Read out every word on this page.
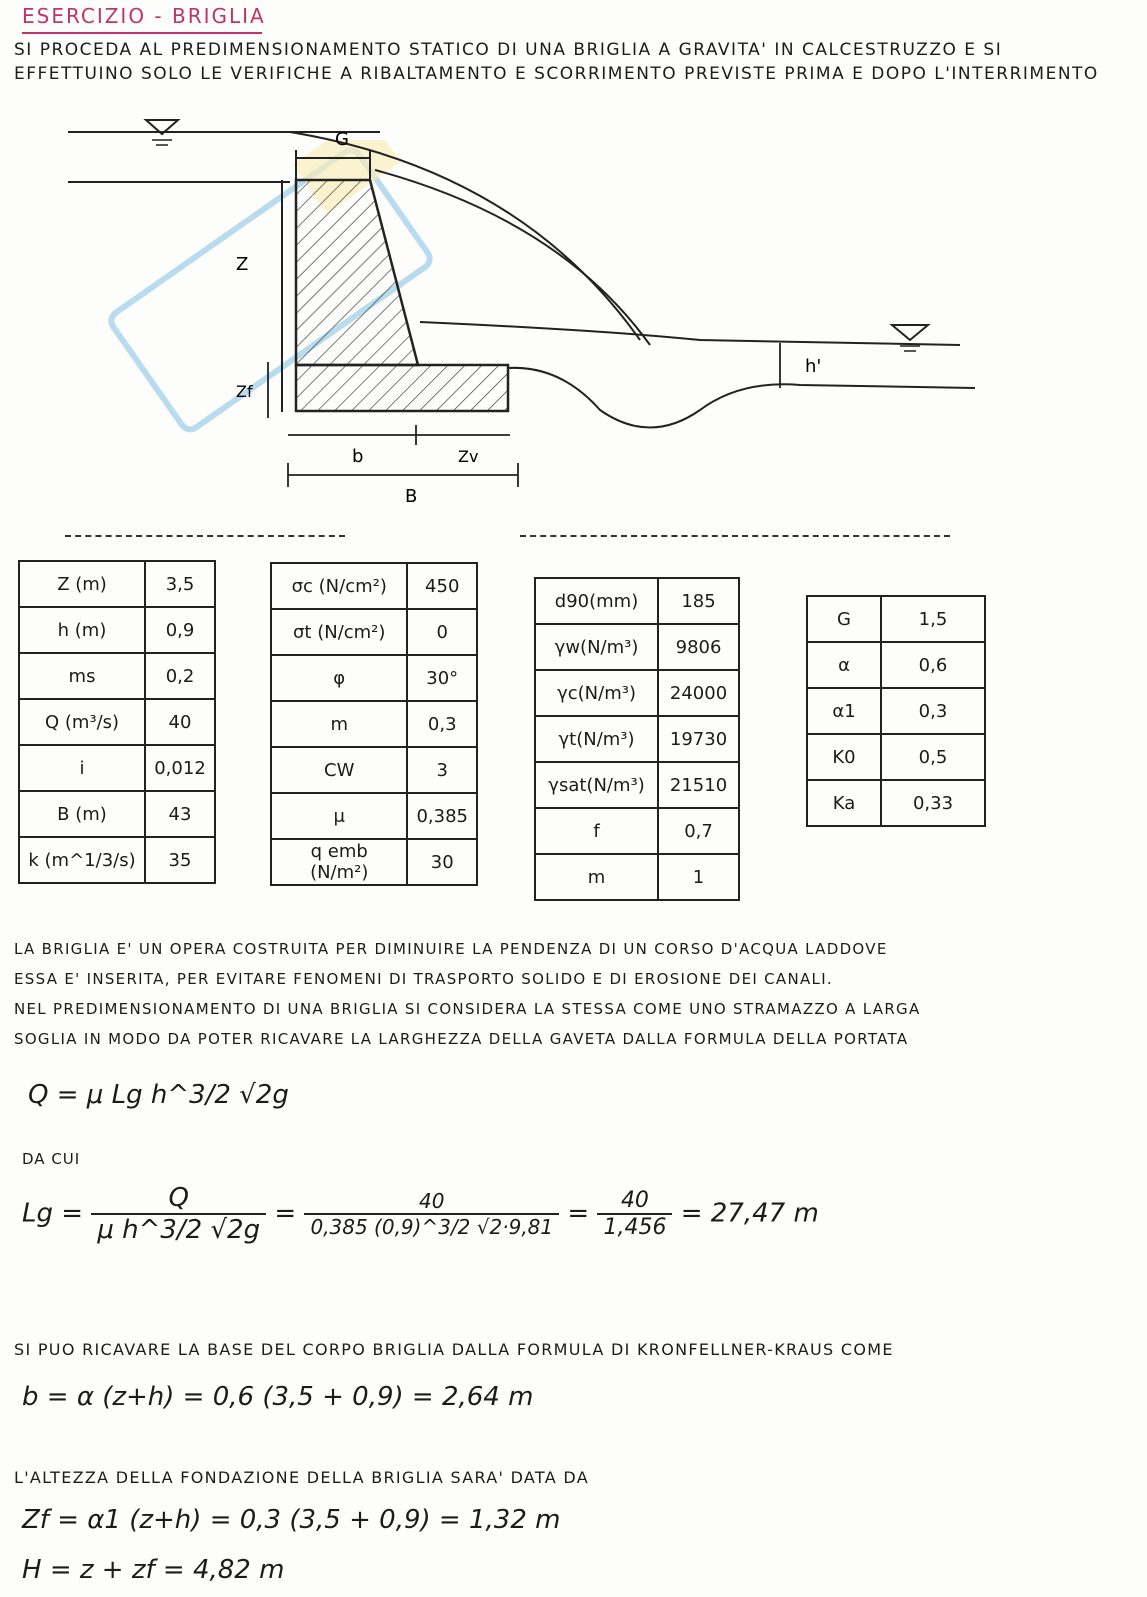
ESERCIZIO - BRIGLIA
SI PROCEDA AL PREDIMENSIONAMENTO STATICO DI UNA BRIGLIA A GRAVITA' IN CALCESTRUZZO E SI
EFFETTUINO SOLO LE VERIFICHE A RIBALTAMENTO E SCORRIMENTO PREVISTE PRIMA E DOPO L'INTERRIMENTO
G
Z
Zf
b	Zv
B
h'
Z (m)	3,5
h (m)	0,9
ms	0,2
Q (m³/s)	40
i	0,012
B (m)	43
k (m^1/3/s)	35
σc (N/cm²)	450
σt (N/cm²)	0
φ	30°
m	0,3
CW	3
μ	0,385
q emb (N/m²)	30
d90(mm)	185
γw(N/m³)	9806
γc(N/m³)	24000
γt(N/m³)	19730
γsat(N/m³)	21510
f	0,7
m	1
G	1,5
α	0,6
α1	0,3
K0	0,5
Ka	0,33
LA BRIGLIA E' UN OPERA COSTRUITA PER DIMINUIRE LA PENDENZA DI UN CORSO D'ACQUA LADDOVE
ESSA E' INSERITA, PER EVITARE FENOMENI DI TRASPORTO SOLIDO E DI EROSIONE DEI CANALI.
NEL PREDIMENSIONAMENTO DI UNA BRIGLIA SI CONSIDERA LA STESSA COME UNO STRAMAZZO A LARGA
SOGLIA IN MODO DA POTER RICAVARE LA LARGHEZZA DELLA GAVETA DALLA FORMULA DELLA PORTATA
Q = μ Lg h^3/2 √2g
DA CUI
$Lg = \frac{Q}{\text{μ h\textasciicircum{}3/2 √2g}} = \frac{40}{0,385 (0,9)\^{}3/2 √2\cdot 9,81} = \frac{40}{1,456} = 27,47$ m
SI PUO RICAVARE LA BASE DEL CORPO BRIGLIA DALLA FORMULA DI KRONFELLNER-KRAUS COME
b = α (z+h) = 0,6 (3,5 + 0,9) = 2,64 m
L'ALTEZZA DELLA FONDAZIONE DELLA BRIGLIA SARA' DATA DA
Zf = α1 (z+h) = 0,3 (3,5 + 0,9) = 1,32 m
H = z + zf = 4,82 m
